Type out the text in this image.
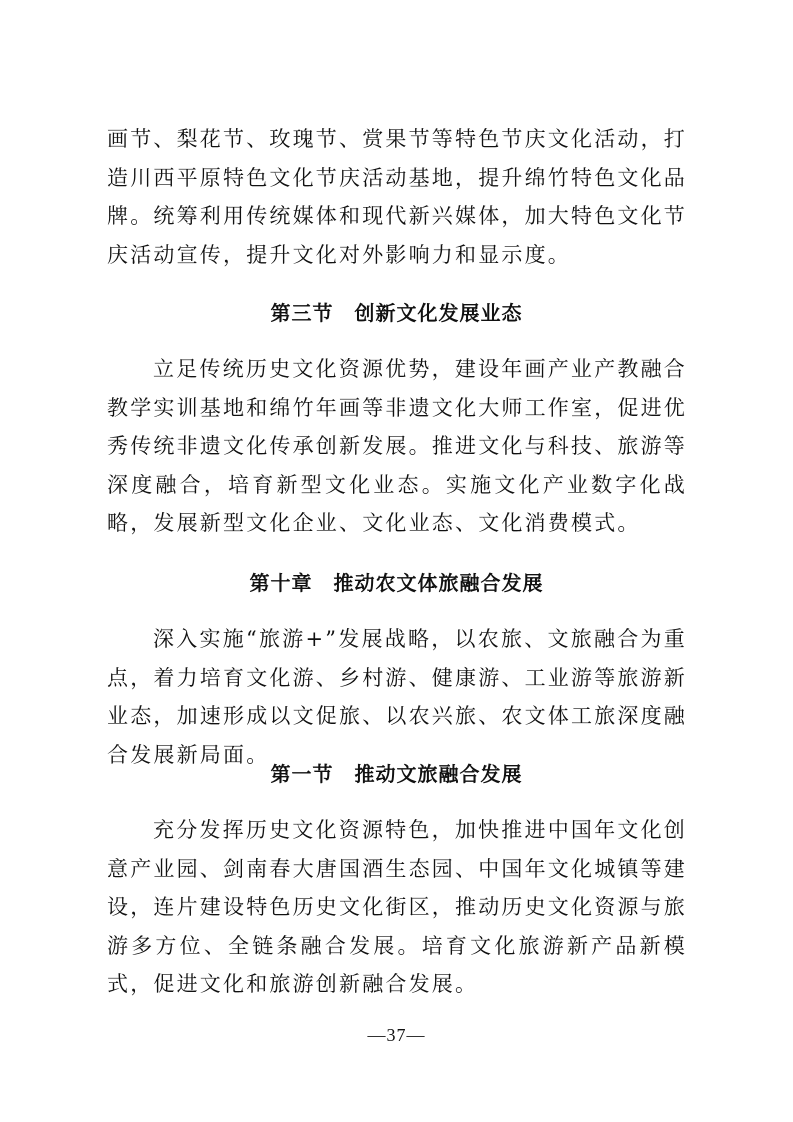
画节、梨花节、玫瑰节、赏果节等特色节庆文化活动，打造川西平原特色文化节庆活动基地，提升绵竹特色文化品牌。统筹利用传统媒体和现代新兴媒体，加大特色文化节庆活动宣传，提升文化对外影响力和显示度。

第三节　创新文化发展业态

立足传统历史文化资源优势，建设年画产业产教融合教学实训基地和绵竹年画等非遗文化大师工作室，促进优秀传统非遗文化传承创新发展。推进文化与科技、旅游等深度融合，培育新型文化业态。实施文化产业数字化战略，发展新型文化企业、文化业态、文化消费模式。

第十章　推动农文体旅融合发展

深入实施“旅游+”发展战略，以农旅、文旅融合为重点，着力培育文化游、乡村游、健康游、工业游等旅游新业态，加速形成以文促旅、以农兴旅、农文体工旅深度融合发展新局面。

第一节　推动文旅融合发展

充分发挥历史文化资源特色，加快推进中国年文化创意产业园、剑南春大唐国酒生态园、中国年文化城镇等建设，连片建设特色历史文化街区，推动历史文化资源与旅游多方位、全链条融合发展。培育文化旅游新产品新模式，促进文化和旅游创新融合发展。

—37—
